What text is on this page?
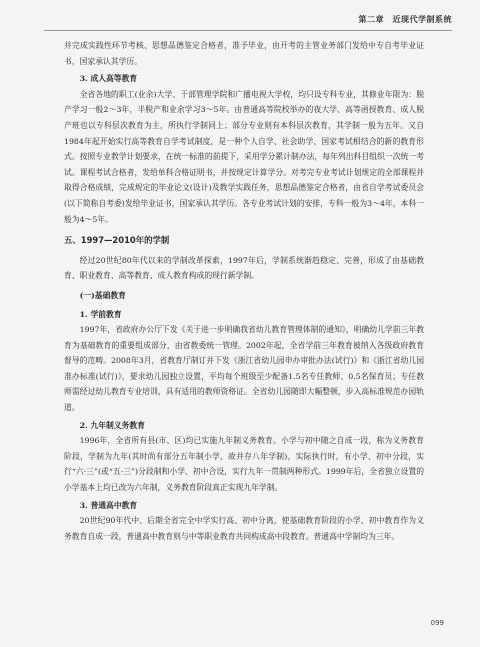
第二章　近现代学制系统

并完成实践性环节考核、思想品德鉴定合格者，准予毕业，由开考的主管业务部门发给中专自考毕业证书，国家承认其学历。

3. 成人高等教育

全省各地的职工(业余)大学、干部管理学院和广播电视大学校，均只设专科专业，其修业年限为：脱产学习一般2～3年，半脱产和业余学习3～5年。由普通高等院校举办的夜大学、高等函授教育、成人脱产班也以专科层次教育为主，所执行学制同上；部分专业则有本科层次教育，其学制一般为五年。又自1984年起开始实行高等教育自学考试制度，是一种个人自学、社会助学、国家考试相结合的新的教育形式。按照专业教学计划要求，在统一标准的前提下，采用学分累计制办法，每年列出科目组织一次统一考试。课程考试合格者，发给单科合格证明书，并按规定计算学分。对考完专业考试计划规定的全部课程并取得合格成绩，完成规定的毕业论文(设计)及教学实践任务，思想品德鉴定合格者，由省自学考试委员会(以下简称自考委)发给毕业证书，国家承认其学历。各专业考试计划的安排，专科一般为3～4年，本科一般为4～5年。

五、1997—2010年的学制

经过20世纪80年代以来的学制改革探索，1997年后，学制系统渐趋稳定、完善，形成了由基础教育、职业教育、高等教育、成人教育构成的现行新学制。

(一)基础教育
1. 学前教育

1997年，省政府办公厅下发《关于进一步明确我省幼儿教育管理体制的通知》，明确幼儿学前三年教育为基础教育的重要组成部分，由省教委统一管理。2002年起，全省学前三年教育被纳入各级政府教育督导的范畴。2008年3月，省教育厅制订并下发《浙江省幼儿园申办审批办法(试行)》和《浙江省幼儿园准办标准(试行)》，要求幼儿园独立设置，平均每个班级至少配备1.5名专任教师、0.5名保育员；专任教师需经过幼儿教育专业培训，具有适用的教师资格证。全省幼儿园随即大幅整顿，步入高标准规范办园轨道。

2. 九年制义务教育

1996年，全省所有县(市、区)均已实施九年制义务教育。小学与初中随之自成一段，称为义务教育阶段，学制为九年(其时尚有部分五年制小学，故并存八年学制)，实际执行时，有小学、初中分段，实行“六·三”(或“五·三”)分段制和小学、初中合设，实行九年一贯制两种形式。1999年后，全省独立设置的小学基本上均已改为六年制，义务教育阶段真正实现九年学制。

3. 普通高中教育

20世纪90年代中、后期全省完全中学实行高、初中分离，使基础教育阶段的小学、初中教育作为义务教育自成一段，普通高中教育则与中等职业教育共同构成高中段教育。普通高中学制均为三年。

099
